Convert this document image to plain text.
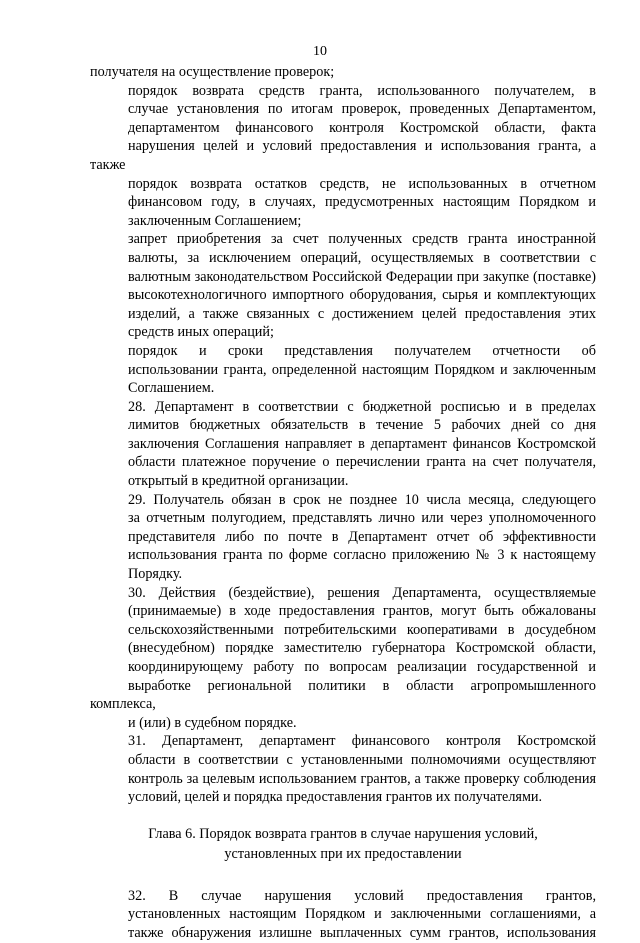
10
получателя на осуществление проверок;
порядок возврата средств гранта, использованного получателем, в
случае установления по итогам проверок, проведенных Департаментом,
департаментом финансового контроля Костромской области, факта
нарушения целей и условий предоставления и использования гранта, а также
порядок возврата остатков средств, не использованных в отчетном
финансовом году, в случаях, предусмотренных настоящим Порядком и
заключенным Соглашением;
запрет приобретения за счет полученных средств гранта иностранной
валюты, за исключением операций, осуществляемых в соответствии с
валютным законодательством Российской Федерации при закупке (поставке)
высокотехнологичного импортного оборудования, сырья и комплектующих
изделий, а также связанных с достижением целей предоставления этих
средств иных операций;
порядок и сроки представления получателем отчетности об
использовании гранта, определенной настоящим Порядком и заключенным
Соглашением.
28. Департамент в соответствии с бюджетной росписью и в пределах
лимитов бюджетных обязательств в течение 5 рабочих дней со дня
заключения Соглашения направляет в департамент финансов Костромской
области платежное поручение о перечислении гранта на счет получателя,
открытый в кредитной организации.
29. Получатель обязан в срок не позднее 10 числа месяца, следующего
за отчетным полугодием, представлять лично или через уполномоченного
представителя либо по почте в Департамент отчет об эффективности
использования гранта по форме согласно приложению № 3 к настоящему
Порядку.
30. Действия (бездействие), решения Департамента, осуществляемые
(принимаемые) в ходе предоставления грантов, могут быть обжалованы
сельскохозяйственными потребительскими кооперативами в досудебном
(внесудебном) порядке заместителю губернатора Костромской области,
координирующему работу по вопросам реализации государственной и
выработке региональной политики в области агропромышленного комплекса,
и (или) в судебном порядке.
31. Департамент, департамент финансового контроля Костромской
области в соответствии с установленными полномочиями осуществляют
контроль за целевым использованием грантов, а также проверку соблюдения
условий, целей и порядка предоставления грантов их получателями.
Глава 6. Порядок возврата грантов в случае нарушения условий,
установленных при их предоставлении
32. В случае нарушения условий предоставления грантов,
установленных настоящим Порядком и заключенными соглашениями, а
также обнаружения излишне выплаченных сумм грантов, использования
